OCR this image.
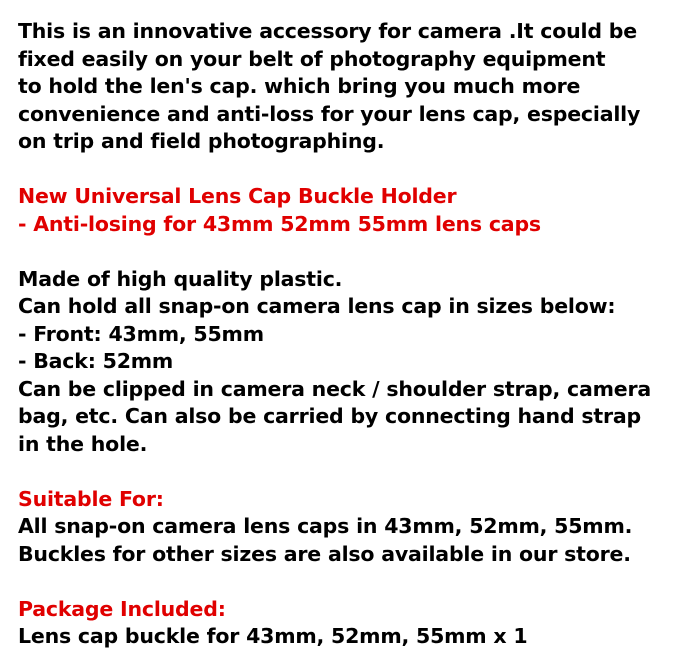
This is an innovative accessory for camera .It could be
fixed easily on your belt of photography equipment
to hold the len's cap. which bring you much more
convenience and anti-loss for your lens cap, especially
on trip and field photographing.
New Universal Lens Cap Buckle Holder
- Anti-losing for 43mm 52mm 55mm lens caps
Made of high quality plastic.
Can hold all snap-on camera lens cap in sizes below:
- Front: 43mm, 55mm
- Back: 52mm
Can be clipped in camera neck / shoulder strap, camera
bag, etc. Can also be carried by connecting hand strap
in the hole.
Suitable For:
All snap-on camera lens caps in 43mm, 52mm, 55mm.
Buckles for other sizes are also available in our store.
Package Included:
Lens cap buckle for 43mm, 52mm, 55mm x 1
